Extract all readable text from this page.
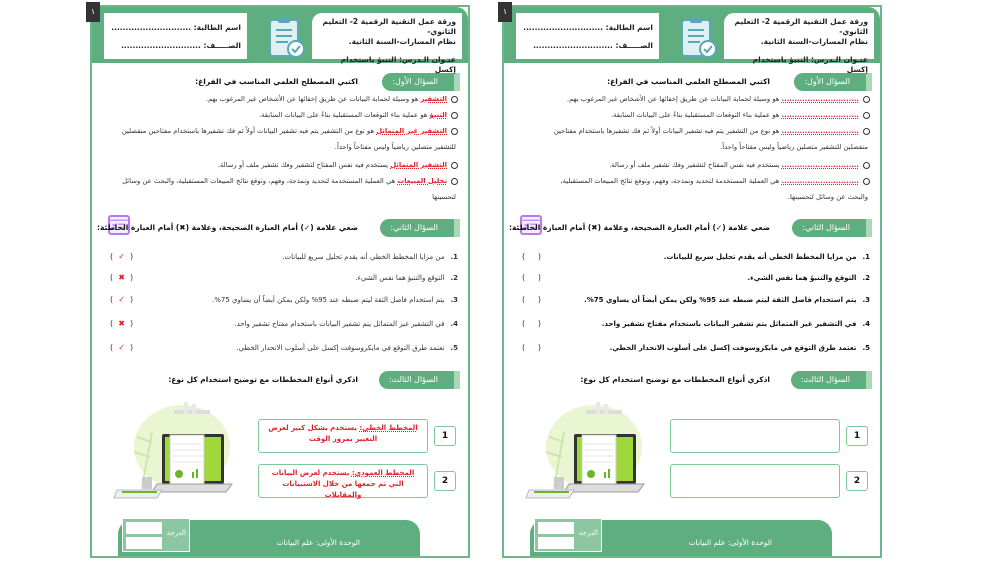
ورقة عمل التقنية الرقمية 2- التعليم الثانوي-
نظام المسارات-السنة الثانية.
عنـوان الـدرس: التنبؤ باستخدام إكسل
اسم الطالبة: ............................
الصـــــف: ............................
١
السؤال الأول:
اكتبي المصطلح العلمي المناسب في الفراغ:
التشفير هو وسيلة لحماية البيانات عن طريق إخفائها عن الأشخاص غير المرغوب بهم.
التنبؤ هو عملية بناء التوقعات المستقبلية بناءً على البيانات السابقة.
التشفير غير المتماثل هو نوع من التشفير يتم فيه تشفير البيانات أولاً ثم فك تشفيرها باستخدام مفتاحين منفصلين
للتشفير متصلين رياضياً وليس مفتاحاً واحداً.
التشفير المتماثل يستخدم فيه نفس المفتاح لتشفير وفك تشفير ملف أو رسالة.
تحليل المبيعات هي العملية المستخدمة لتحديد ونمذجة، وفهم، وتوقع نتائج المبيعات المستقبلية، والبحث عن وسائل
لتحسينها
السؤال الثاني:
ضعي علامة (✓) أمام العبارة الصحيحة، وعلامة (✖) أمام العبارة الخاطئة:
1.من مزايا المخطط الخطي أنه يقدم تحليل سريع للبيانات.
(  ✓  )
2.التوقع والتنبؤ هما نفس الشيء.
(  ✖  )
3.يتم استخدام فاصل الثقة ليتم ضبطه عند 95% ولكن يمكن أيضاً أن يساوي 75%.
(  ✓  )
4.في التشفير غير المتماثل يتم تشفير البيانات باستخدام مفتاح تشفير واحد.
(  ✖  )
5.تعتمد طرق التوقع في مايكروسوفت إكسل على أسلوب الانحدار الخطي.
(  ✓  )
السؤال الثالث:
اذكري أنواع المخططات مع توضيح استخدام كل نوع:
المخطط الخطي: يستخدم بشكل كبير لعرض التغيير بمرور الوقت	1
المخطط العمودي: يستخدم لعرض البيانات التي تم جمعها من خلال الاستبيانات والمقابلات
2
الوحدة الأولى: علم البيانات
الدرجة
ورقة عمل التقنية الرقمية 2- التعليم الثانوي-
نظام المسارات-السنة الثانية.
عنـوان الـدرس: التنبؤ باستخدام إكسل
اسم الطالبة: ............................
الصـــــف: ............................
١
السؤال الأول:
اكتبي المصطلح العلمي المناسب في الفراغ:
.............................. هو وسيلة لحماية البيانات عن طريق إخفائها عن الأشخاص غير المرغوب بهم.
.............................. هو عملية بناء التوقعات المستقبلية بناءً على البيانات السابقة.
.............................. هو نوع من التشفير يتم فيه تشفير البيانات أولاً ثم فك تشفيرها باستخدام مفتاحين
منفصلين للتشفير متصلين رياضياً وليس مفتاحاً واحداً.
.............................. يستخدم فيه نفس المفتاح لتشفير وفك تشفير ملف أو رسالة.
.............................. هي العملية المستخدمة لتحديد ونمذجة، وفهم، وتوقع نتائج المبيعات المستقبلية،
والبحث عن وسائل لتحسينها.
السؤال الثاني:
ضعي علامة (✓) أمام العبارة الصحيحة، وعلامة (✖) أمام العبارة الخاطئة:
1.من مزايا المخطط الخطي أنه يقدم تحليل سريع للبيانات.
(     )
2.التوقع والتنبؤ هما نفس الشيء.
(     )
3.يتم استخدام فاصل الثقة ليتم ضبطه عند 95% ولكن يمكن أيضاً أن يساوي 75%.
(     )
4.في التشفير غير المتماثل يتم تشفير البيانات باستخدام مفتاح تشفير واحد.
(     )
5.تعتمد طرق التوقع في مايكروسوفت إكسل على أسلوب الانحدار الخطي.
(     )
السؤال الثالث:
اذكري أنواع المخططات مع توضيح استخدام كل نوع:
1
2
الوحدة الأولى: علم البيانات
الدرجة
